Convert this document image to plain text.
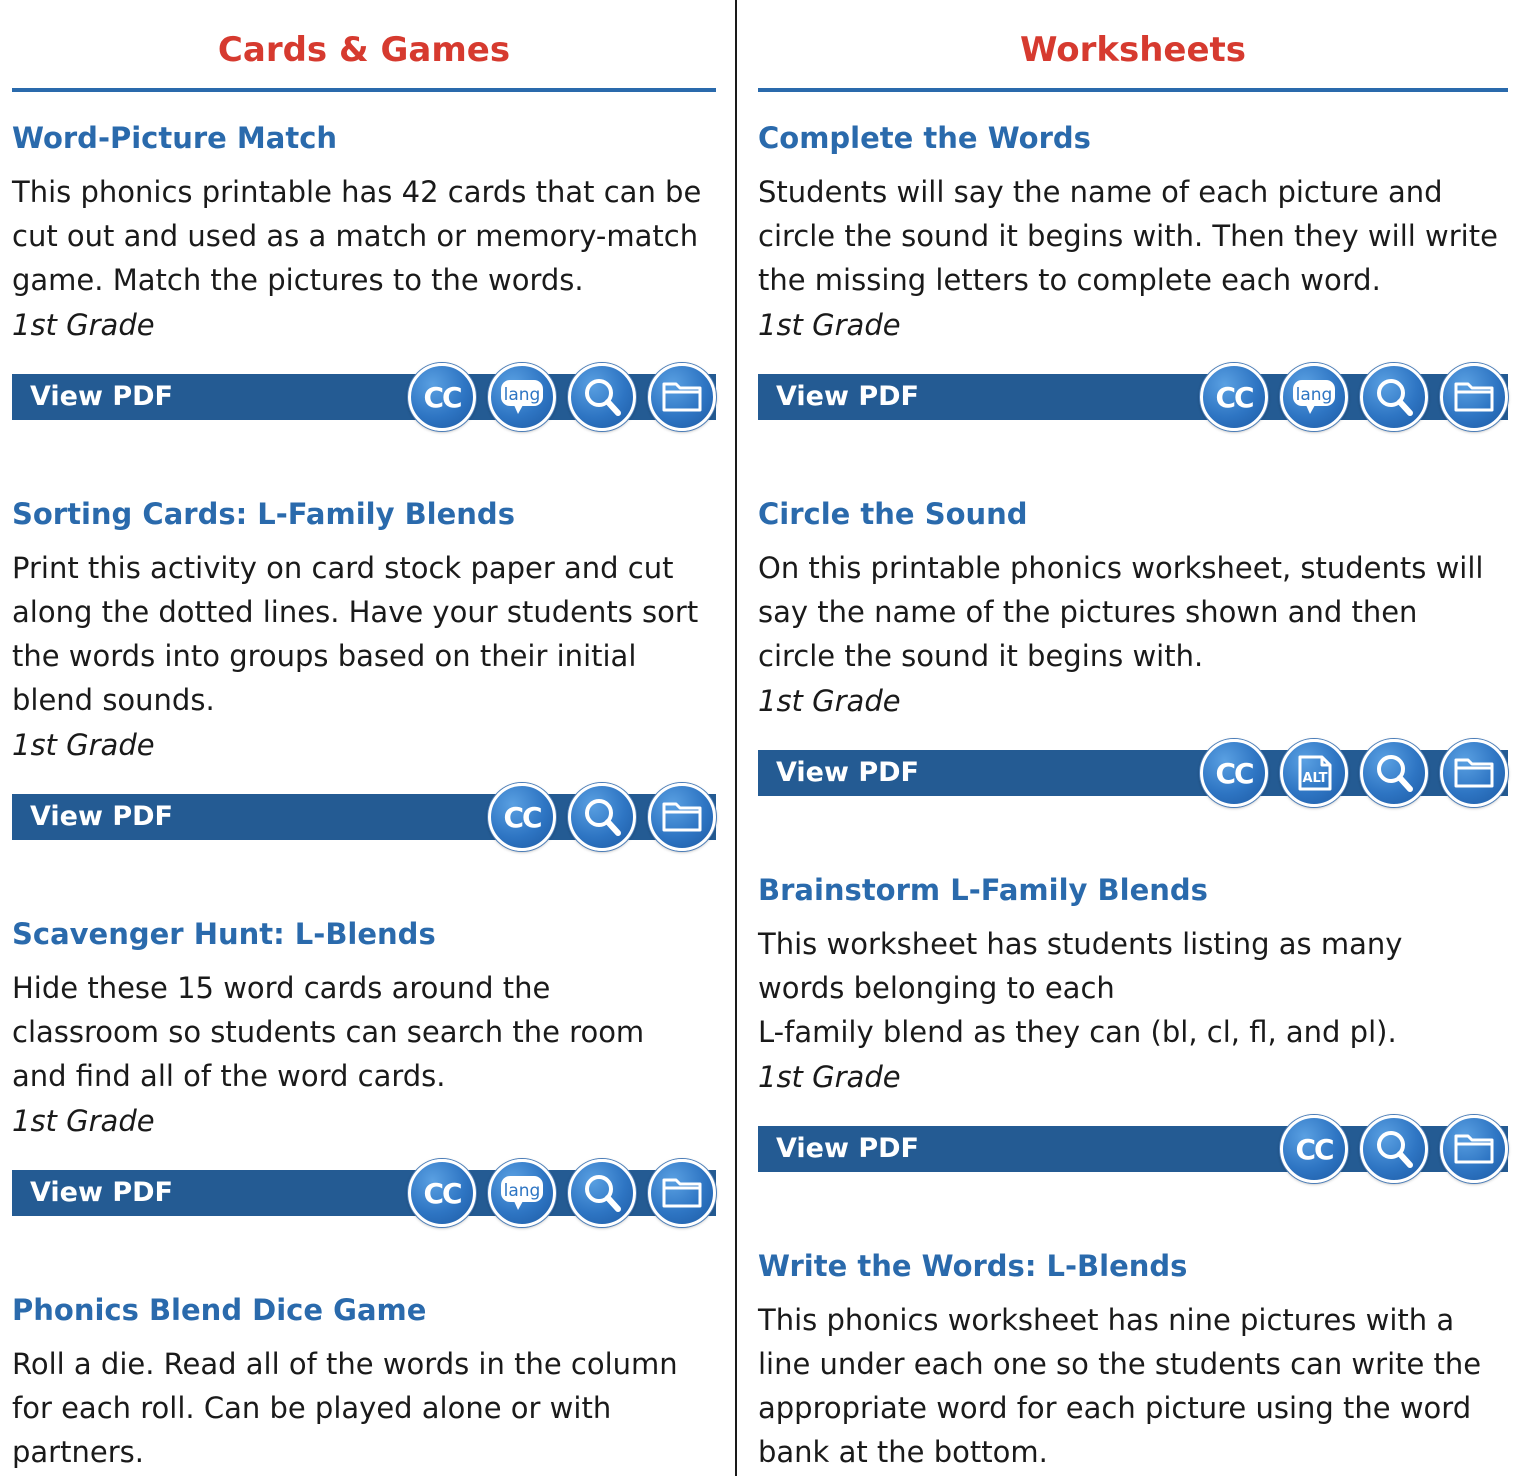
Cards & Games
Word-Picture Match

This phonics printable has 42 cards that can be
cut out and used as a match or memory-match
game. Match the pictures to the words.

1st Grade

View PDF	CC	lang
Sorting Cards: L-Family Blends

Print this activity on card stock paper and cut
along the dotted lines. Have your students sort
the words into groups based on their initial
blend sounds.

1st Grade

View PDF	CC
Scavenger Hunt: L-Blends

Hide these 15 word cards around the
classroom so students can search the room
and find all of the word cards.

1st Grade

View PDF	CC	lang
Phonics Blend Dice Game

Roll a die. Read all of the words in the column
for each roll. Can be played alone or with
partners.

Worksheets
Complete the Words

Students will say the name of each picture and
circle the sound it begins with. Then they will write
the missing letters to complete each word.

1st Grade

View PDF	CC	lang
Circle the Sound

On this printable phonics worksheet, students will
say the name of the pictures shown and then
circle the sound it begins with.

1st Grade

View PDF	CC	ALT
Brainstorm L-Family Blends

This worksheet has students listing as many
words belonging to each
L-family blend as they can (bl, cl, fl, and pl).

1st Grade

View PDF	CC
Write the Words: L-Blends

This phonics worksheet has nine pictures with a
line under each one so the students can write the
appropriate word for each picture using the word
bank at the bottom.
